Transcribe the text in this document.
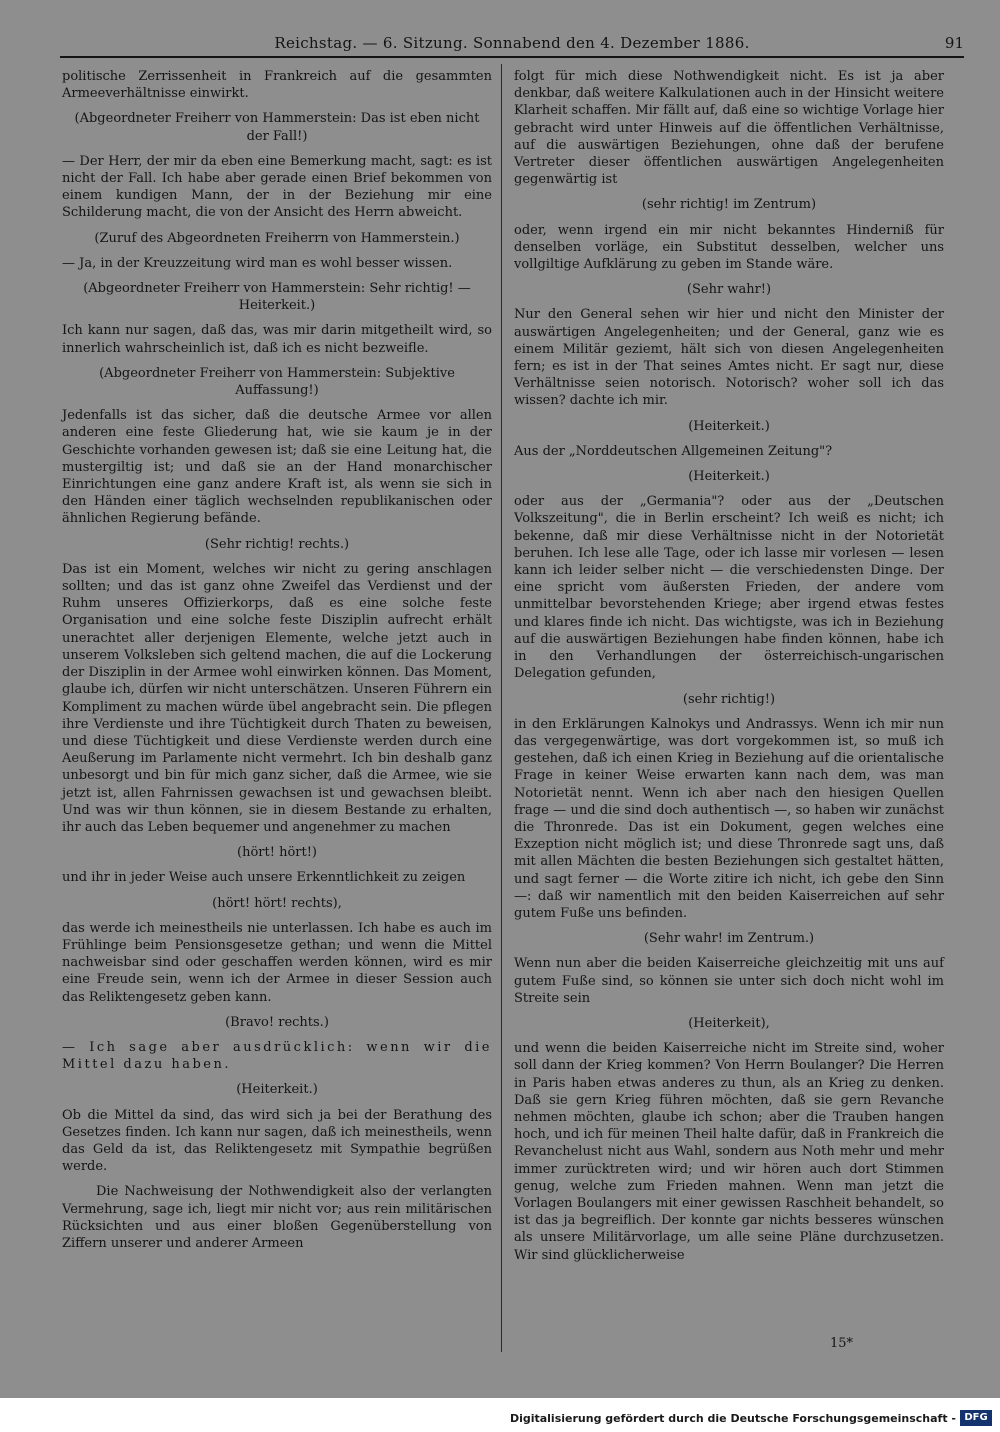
Reichstag. — 6. Sitzung. Sonnabend den 4. Dezember 1886.	91
politische Zerrissenheit in Frankreich auf die gesammten Armeeverhältnisse einwirkt.
(Abgeordneter Freiherr von Hammerstein: Das ist eben nicht der Fall!)
— Der Herr, der mir da eben eine Bemerkung macht, sagt: es ist nicht der Fall. Ich habe aber gerade einen Brief bekommen von einem kundigen Mann, der in der Beziehung mir eine Schilderung macht, die von der Ansicht des Herrn abweicht.
(Zuruf des Abgeordneten Freiherrn von Hammerstein.)
— Ja, in der Kreuzzeitung wird man es wohl besser wissen.
(Abgeordneter Freiherr von Hammerstein: Sehr richtig! — Heiterkeit.)
Ich kann nur sagen, daß das, was mir darin mitgetheilt wird, so innerlich wahrscheinlich ist, daß ich es nicht bezweifle.
(Abgeordneter Freiherr von Hammerstein: Subjektive Auffassung!)
Jedenfalls ist das sicher, daß die deutsche Armee vor allen anderen eine feste Gliederung hat, wie sie kaum je in der Geschichte vorhanden gewesen ist; daß sie eine Leitung hat, die mustergiltig ist; und daß sie an der Hand monarchischer Einrichtungen eine ganz andere Kraft ist, als wenn sie sich in den Händen einer täglich wechselnden republikanischen oder ähnlichen Regierung befände.
(Sehr richtig! rechts.)
Das ist ein Moment, welches wir nicht zu gering anschlagen sollten; und das ist ganz ohne Zweifel das Verdienst und der Ruhm unseres Offizierkorps, daß es eine solche feste Organisation und eine solche feste Disziplin aufrecht erhält unerachtet aller derjenigen Elemente, welche jetzt auch in unserem Volksleben sich geltend machen, die auf die Lockerung der Disziplin in der Armee wohl einwirken können. Das Moment, glaube ich, dürfen wir nicht unterschätzen. Unseren Führern ein Kompliment zu machen würde übel angebracht sein. Die pflegen ihre Verdienste und ihre Tüchtigkeit durch Thaten zu beweisen, und diese Tüchtigkeit und diese Verdienste werden durch eine Aeußerung im Parlamente nicht vermehrt. Ich bin deshalb ganz unbesorgt und bin für mich ganz sicher, daß die Armee, wie sie jetzt ist, allen Fahrnissen gewachsen ist und gewachsen bleibt. Und was wir thun können, sie in diesem Bestande zu erhalten, ihr auch das Leben bequemer und angenehmer zu machen
(hört! hört!)
und ihr in jeder Weise auch unsere Erkenntlichkeit zu zeigen
(hört! hört! rechts),
das werde ich meinestheils nie unterlassen. Ich habe es auch im Frühlinge beim Pensionsgesetze gethan; und wenn die Mittel nachweisbar sind oder geschaffen werden können, wird es mir eine Freude sein, wenn ich der Armee in dieser Session auch das Reliktengesetz geben kann.
(Bravo! rechts.)
— Ich sage aber ausdrücklich: wenn wir die Mittel dazu haben.
(Heiterkeit.)
Ob die Mittel da sind, das wird sich ja bei der Berathung des Gesetzes finden. Ich kann nur sagen, daß ich meinestheils, wenn das Geld da ist, das Reliktengesetz mit Sympathie begrüßen werde.
Die Nachweisung der Nothwendigkeit also der verlangten Vermehrung, sage ich, liegt mir nicht vor; aus rein militärischen Rücksichten und aus einer bloßen Gegenüberstellung von Ziffern unserer und anderer Armeen
folgt für mich diese Nothwendigkeit nicht. Es ist ja aber denkbar, daß weitere Kalkulationen auch in der Hinsicht weitere Klarheit schaffen. Mir fällt auf, daß eine so wichtige Vorlage hier gebracht wird unter Hinweis auf die öffentlichen Verhältnisse, auf die auswärtigen Beziehungen, ohne daß der berufene Vertreter dieser öffentlichen auswärtigen Angelegenheiten gegenwärtig ist
(sehr richtig! im Zentrum)
oder, wenn irgend ein mir nicht bekanntes Hinderniß für denselben vorläge, ein Substitut desselben, welcher uns vollgiltige Aufklärung zu geben im Stande wäre.
(Sehr wahr!)
Nur den General sehen wir hier und nicht den Minister der auswärtigen Angelegenheiten; und der General, ganz wie es einem Militär geziemt, hält sich von diesen Angelegenheiten fern; es ist in der That seines Amtes nicht. Er sagt nur, diese Verhältnisse seien notorisch. Notorisch? woher soll ich das wissen? dachte ich mir.
(Heiterkeit.)
Aus der „Norddeutschen Allgemeinen Zeitung"?
(Heiterkeit.)
oder aus der „Germania"? oder aus der „Deutschen Volkszeitung", die in Berlin erscheint? Ich weiß es nicht; ich bekenne, daß mir diese Verhältnisse nicht in der Notorietät beruhen. Ich lese alle Tage, oder ich lasse mir vorlesen — lesen kann ich leider selber nicht — die verschiedensten Dinge. Der eine spricht vom äußersten Frieden, der andere vom unmittelbar bevorstehenden Kriege; aber irgend etwas festes und klares finde ich nicht. Das wichtigste, was ich in Beziehung auf die auswärtigen Beziehungen habe finden können, habe ich in den Verhandlungen der österreichisch-ungarischen Delegation gefunden,
(sehr richtig!)
in den Erklärungen Kalnokys und Andrassys. Wenn ich mir nun das vergegenwärtige, was dort vorgekommen ist, so muß ich gestehen, daß ich einen Krieg in Beziehung auf die orientalische Frage in keiner Weise erwarten kann nach dem, was man Notorietät nennt. Wenn ich aber nach den hiesigen Quellen frage — und die sind doch authentisch —, so haben wir zunächst die Thronrede. Das ist ein Dokument, gegen welches eine Exzeption nicht möglich ist; und diese Thronrede sagt uns, daß mit allen Mächten die besten Beziehungen sich gestaltet hätten, und sagt ferner — die Worte zitire ich nicht, ich gebe den Sinn —: daß wir namentlich mit den beiden Kaiserreichen auf sehr gutem Fuße uns befinden.
(Sehr wahr! im Zentrum.)
Wenn nun aber die beiden Kaiserreiche gleichzeitig mit uns auf gutem Fuße sind, so können sie unter sich doch nicht wohl im Streite sein
(Heiterkeit),
und wenn die beiden Kaiserreiche nicht im Streite sind, woher soll dann der Krieg kommen? Von Herrn Boulanger? Die Herren in Paris haben etwas anderes zu thun, als an Krieg zu denken. Daß sie gern Krieg führen möchten, daß sie gern Revanche nehmen möchten, glaube ich schon; aber die Trauben hangen hoch, und ich für meinen Theil halte dafür, daß in Frankreich die Revanchelust nicht aus Wahl, sondern aus Noth mehr und mehr immer zurücktreten wird; und wir hören auch dort Stimmen genug, welche zum Frieden mahnen. Wenn man jetzt die Vorlagen Boulangers mit einer gewissen Raschheit behandelt, so ist das ja begreiflich. Der konnte gar nichts besseres wünschen als unsere Militärvorlage, um alle seine Pläne durchzusetzen. Wir sind glücklicherweise
15*
Digitalisierung gefördert durch die Deutsche Forschungsgemeinschaft - DFG
